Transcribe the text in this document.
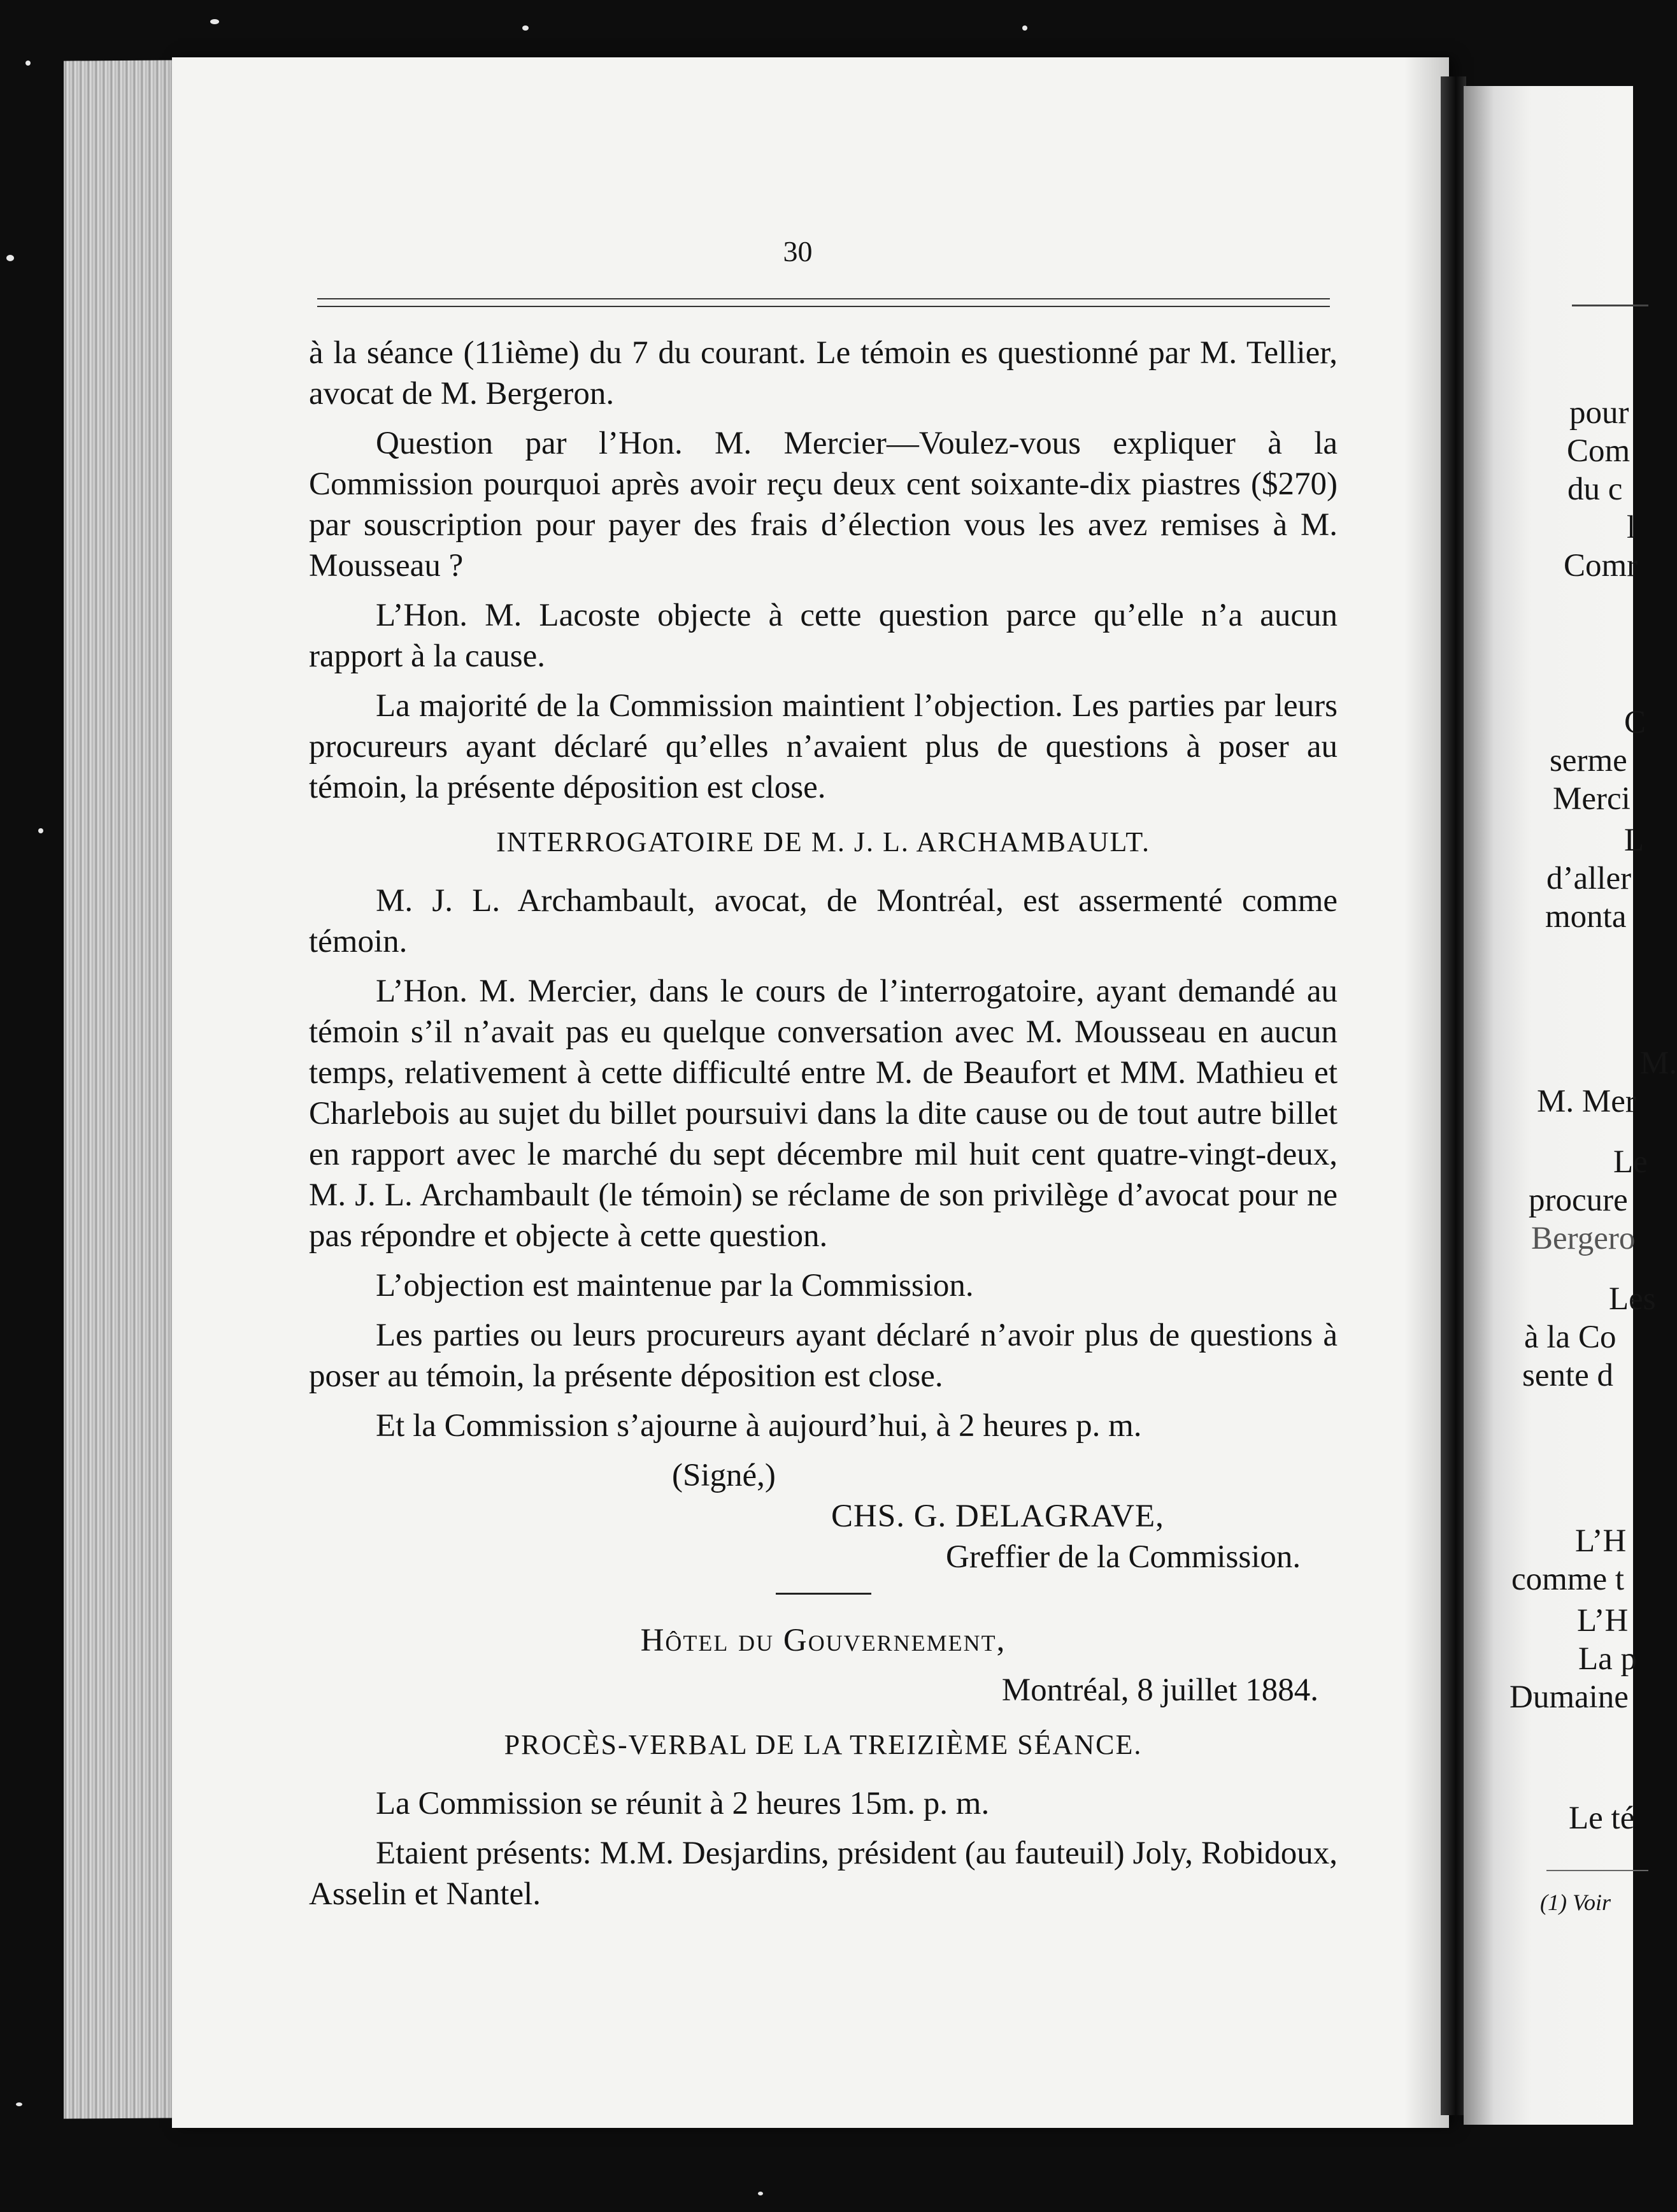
30

à la séance (11ième) du 7 du courant. Le témoin es questionné par M. Tellier, avocat de M. Bergeron.

Question par l’Hon. M. Mercier—Voulez-vous expliquer à la Commission pourquoi après avoir reçu deux cent soixante-dix piastres ($270) par souscription pour payer des frais d’élection vous les avez remises à M. Mousseau ?

L’Hon. M. Lacoste objecte à cette question parce qu’elle n’a aucun rapport à la cause.

La majorité de la Commission maintient l’objection. Les parties par leurs procureurs ayant déclaré qu’elles n’avaient plus de questions à poser au témoin, la présente déposition est close.

INTERROGATOIRE DE M. J. L. ARCHAMBAULT.

M. J. L. Archambault, avocat, de Montréal, est assermenté comme témoin.

L’Hon. M. Mercier, dans le cours de l’interrogatoire, ayant demandé au témoin s’il n’avait pas eu quelque conversation avec M. Mousseau en aucun temps, relativement à cette difficulté entre M. de Beaufort et MM. Mathieu et Charlebois au sujet du billet poursuivi dans la dite cause ou de tout autre billet en rapport avec le marché du sept décembre mil huit cent quatre-vingt-deux, M. J. L. Archambault (le témoin) se réclame de son privilège d’avocat pour ne pas répondre et objecte à cette question.

L’objection est maintenue par la Commission.

Les parties ou leurs procureurs ayant déclaré n’avoir plus de questions à poser au témoin, la présente déposition est close.

Et la Commission s’ajourne à aujourd’hui, à 2 heures p. m.

(Signé,)

CHS. G. DELAGRAVE,

Greffier de la Commission.

Hôtel du Gouvernement,

Montréal, 8 juillet 1884.

PROCÈS-VERBAL DE LA TREIZIÈME SÉANCE.

La Commission se réunit à 2 heures 15m. p. m.

Etaient présents: M.M. Desjardins, président (au fauteuil) Joly, Robidoux, Asselin et Nantel.

pour
Com
du c
l
Comr
C
serme
Merci
L
d’aller
monta
M.
M. Mer
Le
procure
Bergero
Les
à la Co
sente d
L’H
comme t
L’H
La p
Dumaine
Le té
(1) Voir
